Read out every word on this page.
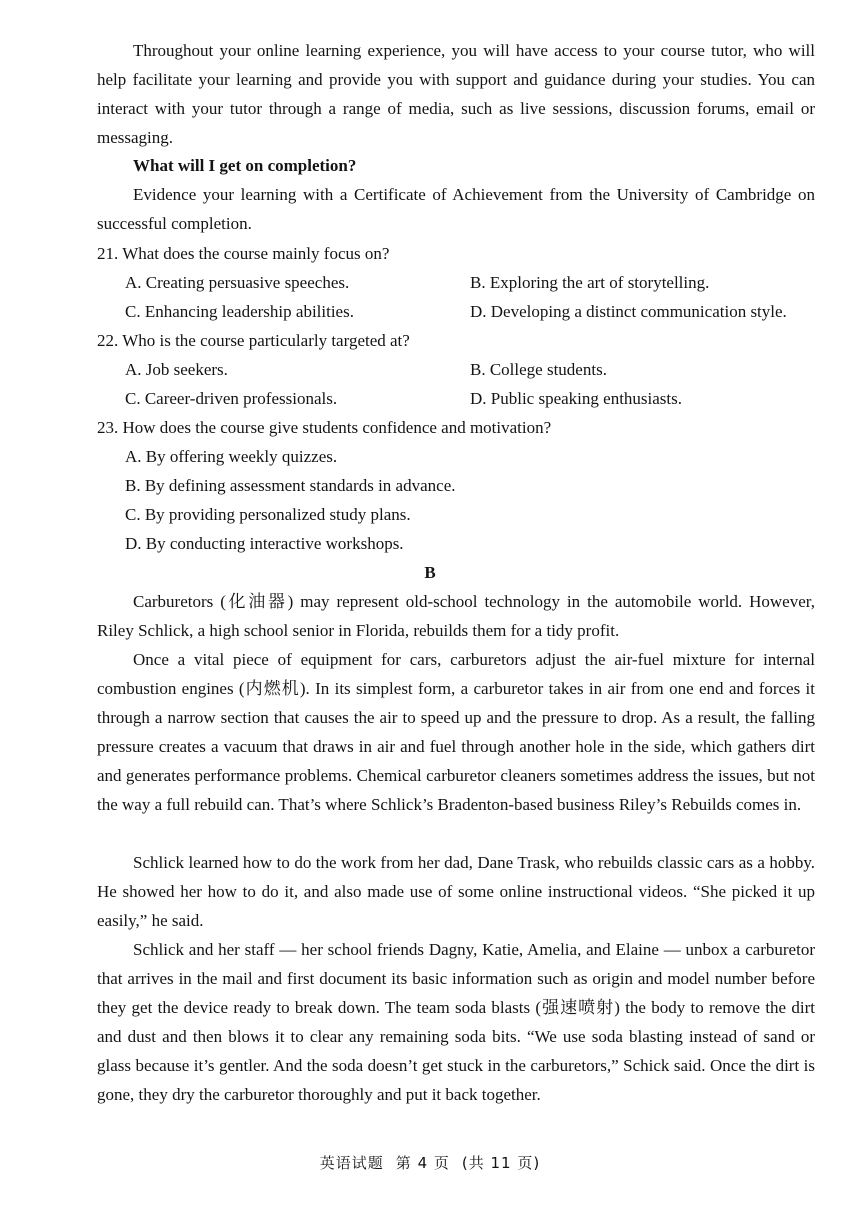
Throughout your online learning experience, you will have access to your course tutor, who will help facilitate your learning and provide you with support and guidance during your studies. You can interact with your tutor through a range of media, such as live sessions, discussion forums, email or messaging.

What will I get on completion?

Evidence your learning with a Certificate of Achievement from the University of Cambridge on successful completion.

21. What does the course mainly focus on?

A. Creating persuasive speeches.	B. Exploring the art of storytelling.

C. Enhancing leadership abilities.	D. Developing a distinct communication style.

22. Who is the course particularly targeted at?

A. Job seekers.	B. College students.

C. Career-driven professionals.	D. Public speaking enthusiasts.

23. How does the course give students confidence and motivation?

A. By offering weekly quizzes.

B. By defining assessment standards in advance.

C. By providing personalized study plans.

D. By conducting interactive workshops.

B

Carburetors (化油器) may represent old-school technology in the automobile world. However, Riley Schlick, a high school senior in Florida, rebuilds them for a tidy profit.

Once a vital piece of equipment for cars, carburetors adjust the air-fuel mixture for internal combustion engines (内燃机). In its simplest form, a carburetor takes in air from one end and forces it through a narrow section that causes the air to speed up and the pressure to drop. As a result, the falling pressure creates a vacuum that draws in air and fuel through another hole in the side, which gathers dirt and generates performance problems. Chemical carburetor cleaners sometimes address the issues, but not the way a full rebuild can. That’s where Schlick’s Bradenton-based business Riley’s Rebuilds comes in.

Schlick learned how to do the work from her dad, Dane Trask, who rebuilds classic cars as a hobby. He showed her how to do it, and also made use of some online instructional videos. “She picked it up easily,” he said.

Schlick and her staff — her school friends Dagny, Katie, Amelia, and Elaine — unbox a carburetor that arrives in the mail and first document its basic information such as origin and model number before they get the device ready to break down. The team soda blasts (强速喷射) the body to remove the dirt and dust and then blows it to clear any remaining soda bits. “We use soda blasting instead of sand or glass because it’s gentler. And the soda doesn’t get stuck in the carburetors,” Schick said. Once the dirt is gone, they dry the carburetor thoroughly and put it back together.

英语试题 第 4 页 (共 11 页)
